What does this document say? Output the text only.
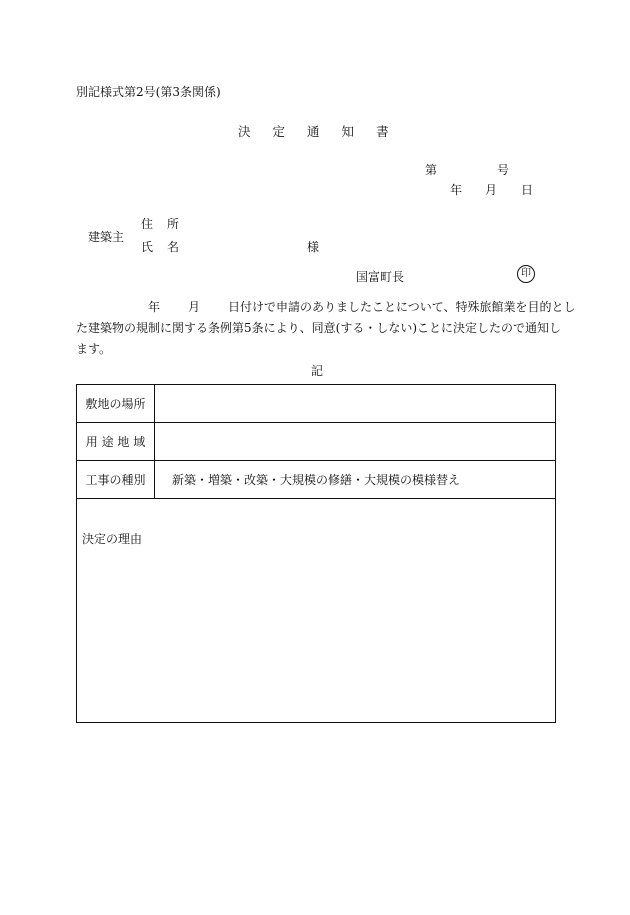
別記様式第2号(第3条関係)
決 定 通 知 書
第	号
年 月 日
建築主
住 所
氏 名	様
国富町長	印
年 月 日付けで申請のありましたことについて、特殊旅館業を目的とし
た建築物の規制に関する条例第5条により、同意(する・しない)ことに決定したので通知し
ます。
記
敷地の場所
用 途 地 域
工事の種別	新築・増築・改築・大規模の修繕・大規模の模様替え
決定の理由
